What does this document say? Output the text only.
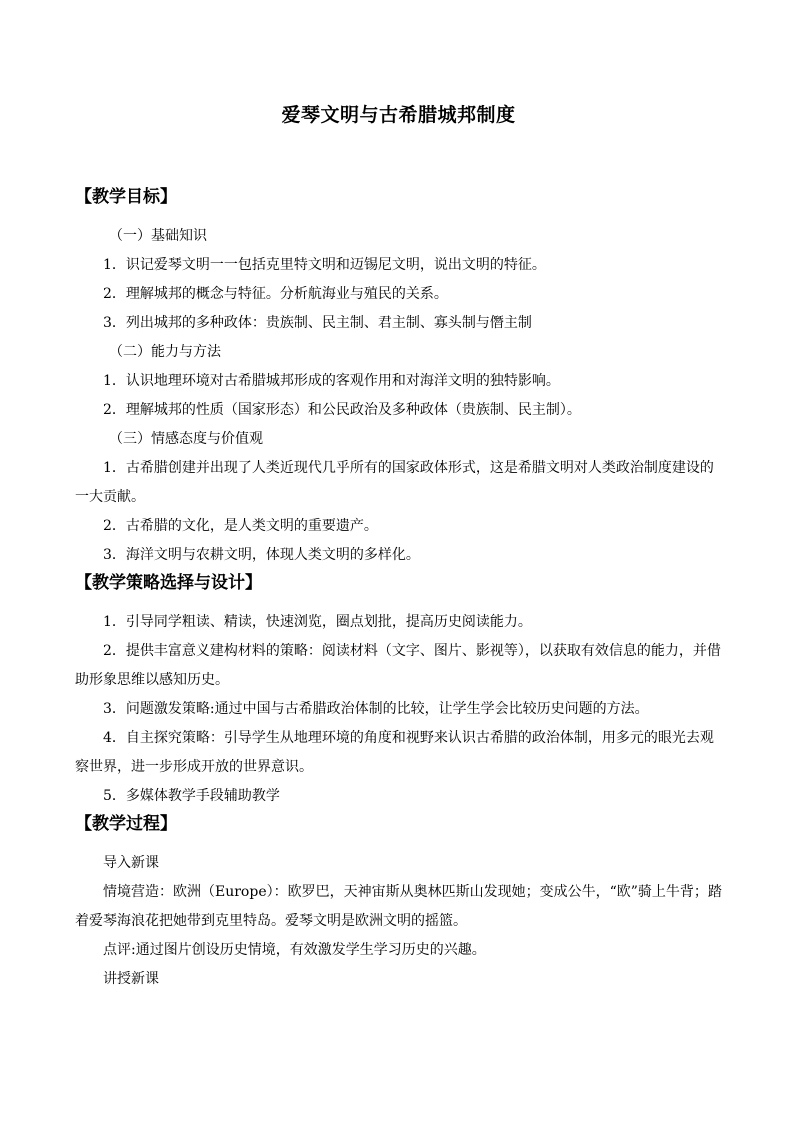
爱琴文明与古希腊城邦制度
【教学目标】

（一）基础知识

1．识记爱琴文明一一包括克里特文明和迈锡尼文明，说出文明的特征。

2．理解城邦的概念与特征。分析航海业与殖民的关系。

3．列出城邦的多种政体：贵族制、民主制、君主制、寡头制与僭主制

（二）能力与方法

1．认识地理环境对古希腊城邦形成的客观作用和对海洋文明的独特影响。

2．理解城邦的性质（国家形态）和公民政治及多种政体（贵族制、民主制）。

（三）情感态度与价值观

1．古希腊创建并出现了人类近现代几乎所有的国家政体形式，这是希腊文明对人类政治制度建设的一大贡献。

2．古希腊的文化，是人类文明的重要遗产。

3．海洋文明与农耕文明，体现人类文明的多样化。

【教学策略选择与设计】

1．引导同学粗读、精读，快速浏览，圈点划批，提高历史阅读能力。

2．提供丰富意义建构材料的策略：阅读材料（文字、图片、影视等），以获取有效信息的能力，并借助形象思维以感知历史。

3．问题激发策略:通过中国与古希腊政治体制的比较，让学生学会比较历史问题的方法。

4．自主探究策略：引导学生从地理环境的角度和视野来认识古希腊的政治体制，用多元的眼光去观察世界，进一步形成开放的世界意识。

5．多媒体教学手段辅助教学

【教学过程】

导入新课

情境营造：欧洲（Europe）：欧罗巴，天神宙斯从奥林匹斯山发现她；变成公牛，“欧”骑上牛背；踏着爱琴海浪花把她带到克里特岛。爱琴文明是欧洲文明的摇篮。

点评:通过图片创设历史情境，有效激发学生学习历史的兴趣。

讲授新课
